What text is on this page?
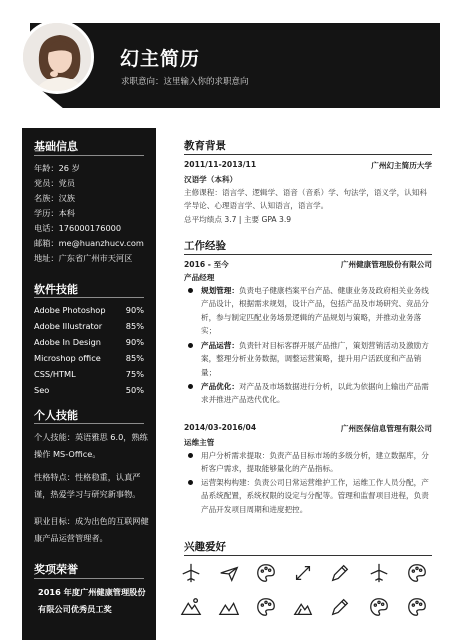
幻主简历
求职意向：这里输入你的求职意向
基础信息
年龄：26 岁
党员：党员
名族：汉族
学历：本科
电话：176000176000
邮箱：me@huanzhucv.com
地址：广东省广州市天河区
软件技能
Adobe Photoshop 90%
Adobe Illustrator	85%
Adobe In Design	90%
Microshop office	85%
CSS/HTML	75%
Seo	50%
个人技能
个人技能：英语雅思 6.0，熟练操作 MS-Office。
性格特点：性格稳重，认真严谨，热爱学习与研究新事物。
职业目标：成为出色的互联网健康产品运营管理者。
奖项荣誉
2016 年度广州健康管理股份有限公司优秀员工奖
教育背景
2011/11-2013/11	广州幻主简历大学
汉语学（本科）
主修课程：语言学、逻辑学、语音（音系）学、句法学，语义学，认知科学导论、心理语言学、认知语言，语言学。
总平均绩点 3.7 | 主要 GPA 3.9
工作经验
2016 - 至今	广州健康管理股份有限公司
产品经理
规划管理：负责电子健康档案平台产品、健康业务及政府相关业务线产品设计，根据需求规划，设计产品，包括产品及市场研究、竞品分析，参与制定匹配业务场景逻辑的产品规划与策略，并推动业务落实；
产品运营：负责针对目标客群开展产品推广，策划营销活动及激励方案，整理分析业务数据，调整运营策略，提升用户活跃度和产品销量；
产品优化：对产品及市场数据进行分析，以此为依据向上输出产品需求并推进产品迭代优化。
2014/03-2016/04	广州医保信息管理有限公司
运维主管
用户分析需求提取：负责产品目标市场的多级分析，建立数据库，分析客户需求，提取能够量化的产品指标。
运营架构构建：负责公司日常运营维护工作，运维工作人员分配，产品系统配置，系统权限的设定与分配等。管理和监督项目进程，负责产品开发项目周期和进度把控。
兴趣爱好
